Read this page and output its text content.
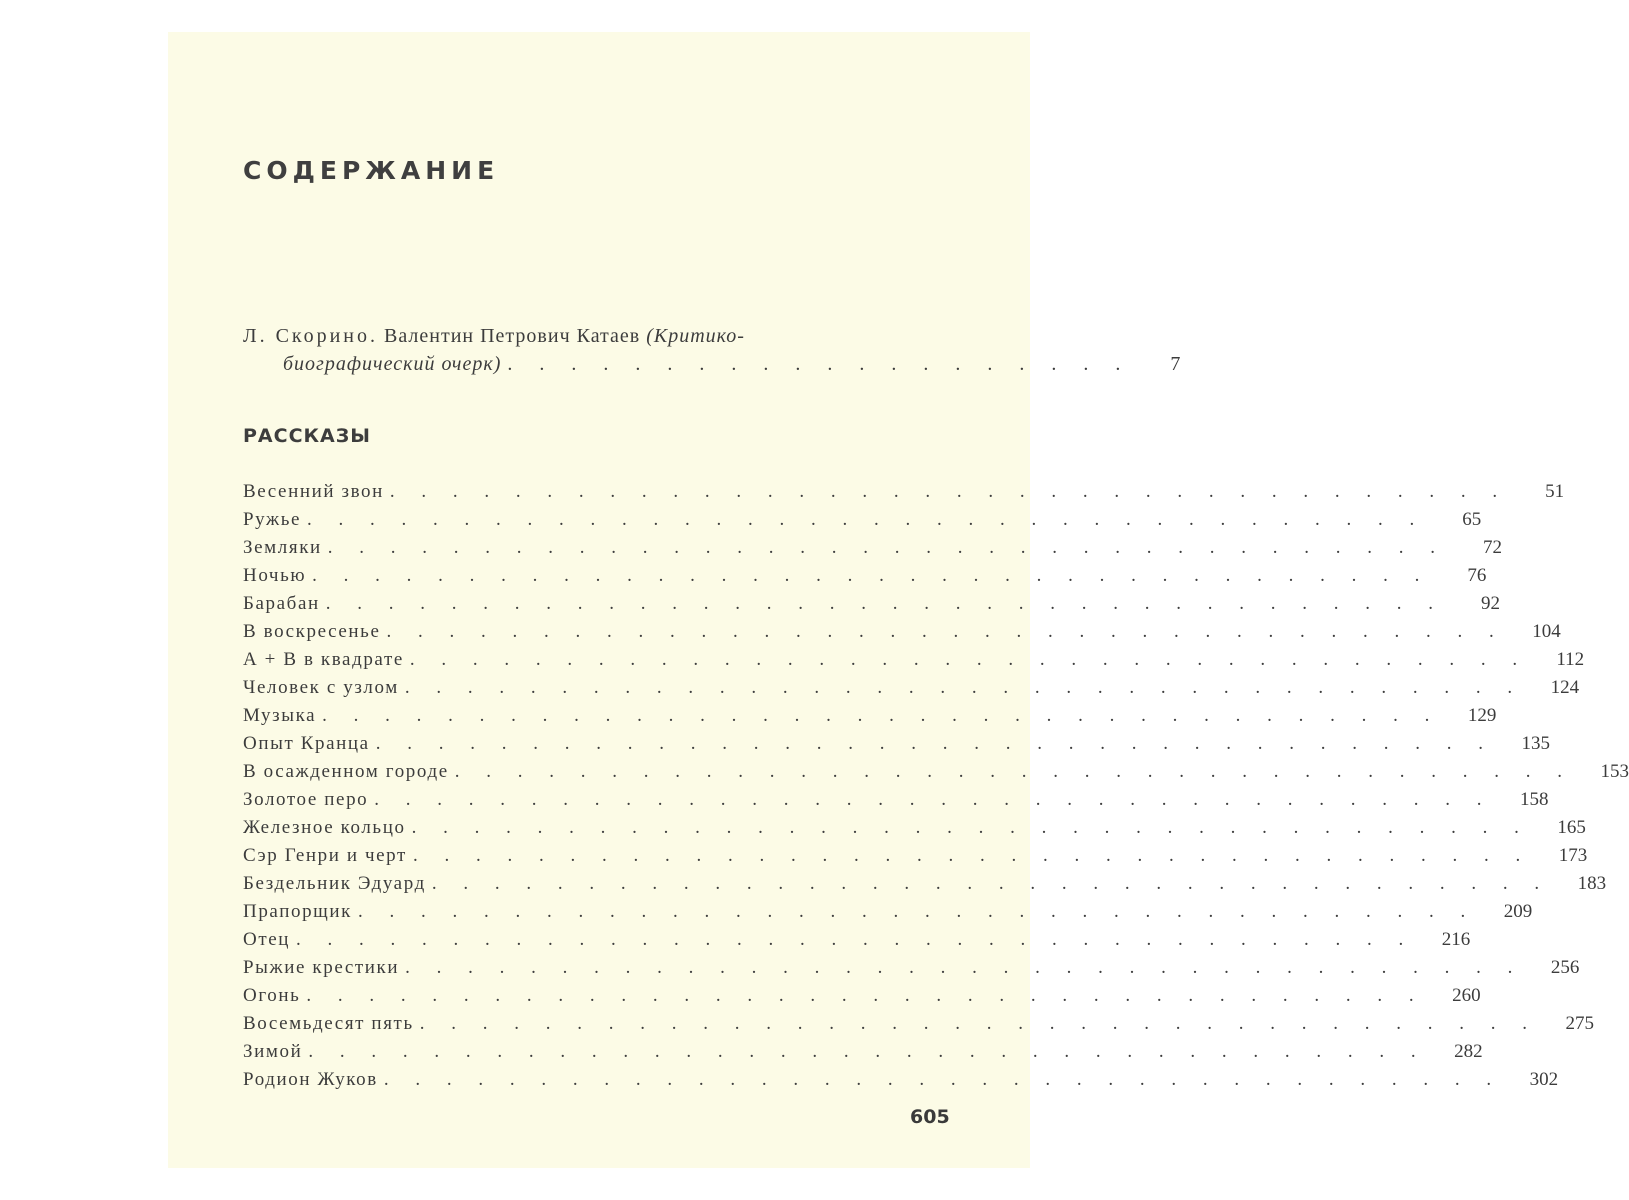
СОДЕРЖАНИЕ
Л. Скорино. Валентин Петрович Катаев (Критико-
биографический очерк) . . . . . . . . . . . . . . . . . . . .	7
РАССКАЗЫ
Весенний звон . . . . . . . . . . . . . . . . . . . . . . . . . . . . . . . . . . . .	51
Ружье . . . . . . . . . . . . . . . . . . . . . . . . . . . . . . . . . . . .	65
Земляки . . . . . . . . . . . . . . . . . . . . . . . . . . . . . . . . . . . .	72
Ночью . . . . . . . . . . . . . . . . . . . . . . . . . . . . . . . . . . . .	76
Барабан . . . . . . . . . . . . . . . . . . . . . . . . . . . . . . . . . . . .	92
В воскресенье . . . . . . . . . . . . . . . . . . . . . . . . . . . . . . . . . . . .	104
А + В в квадрате . . . . . . . . . . . . . . . . . . . . . . . . . . . . . . . . . . . .	112
Человек с узлом . . . . . . . . . . . . . . . . . . . . . . . . . . . . . . . . . . . .	124
Музыка . . . . . . . . . . . . . . . . . . . . . . . . . . . . . . . . . . . .	129
Опыт Кранца . . . . . . . . . . . . . . . . . . . . . . . . . . . . . . . . . . . .	135
В осажденном городе . . . . . . . . . . . . . . . . . . . . . . . . . . . . . . . . . . . .	153
Золотое перо . . . . . . . . . . . . . . . . . . . . . . . . . . . . . . . . . . . .	158
Железное кольцо . . . . . . . . . . . . . . . . . . . . . . . . . . . . . . . . . . . .	165
Сэр Генри и черт . . . . . . . . . . . . . . . . . . . . . . . . . . . . . . . . . . . .	173
Бездельник Эдуард . . . . . . . . . . . . . . . . . . . . . . . . . . . . . . . . . . . .	183
Прапорщик . . . . . . . . . . . . . . . . . . . . . . . . . . . . . . . . . . . .	209
Отец . . . . . . . . . . . . . . . . . . . . . . . . . . . . . . . . . . . .	216
Рыжие крестики . . . . . . . . . . . . . . . . . . . . . . . . . . . . . . . . . . . .	256
Огонь . . . . . . . . . . . . . . . . . . . . . . . . . . . . . . . . . . . .	260
Восемьдесят пять . . . . . . . . . . . . . . . . . . . . . . . . . . . . . . . . . . . .	275
Зимой . . . . . . . . . . . . . . . . . . . . . . . . . . . . . . . . . . . .	282
Родион Жуков . . . . . . . . . . . . . . . . . . . . . . . . . . . . . . . . . . . .	302
605
